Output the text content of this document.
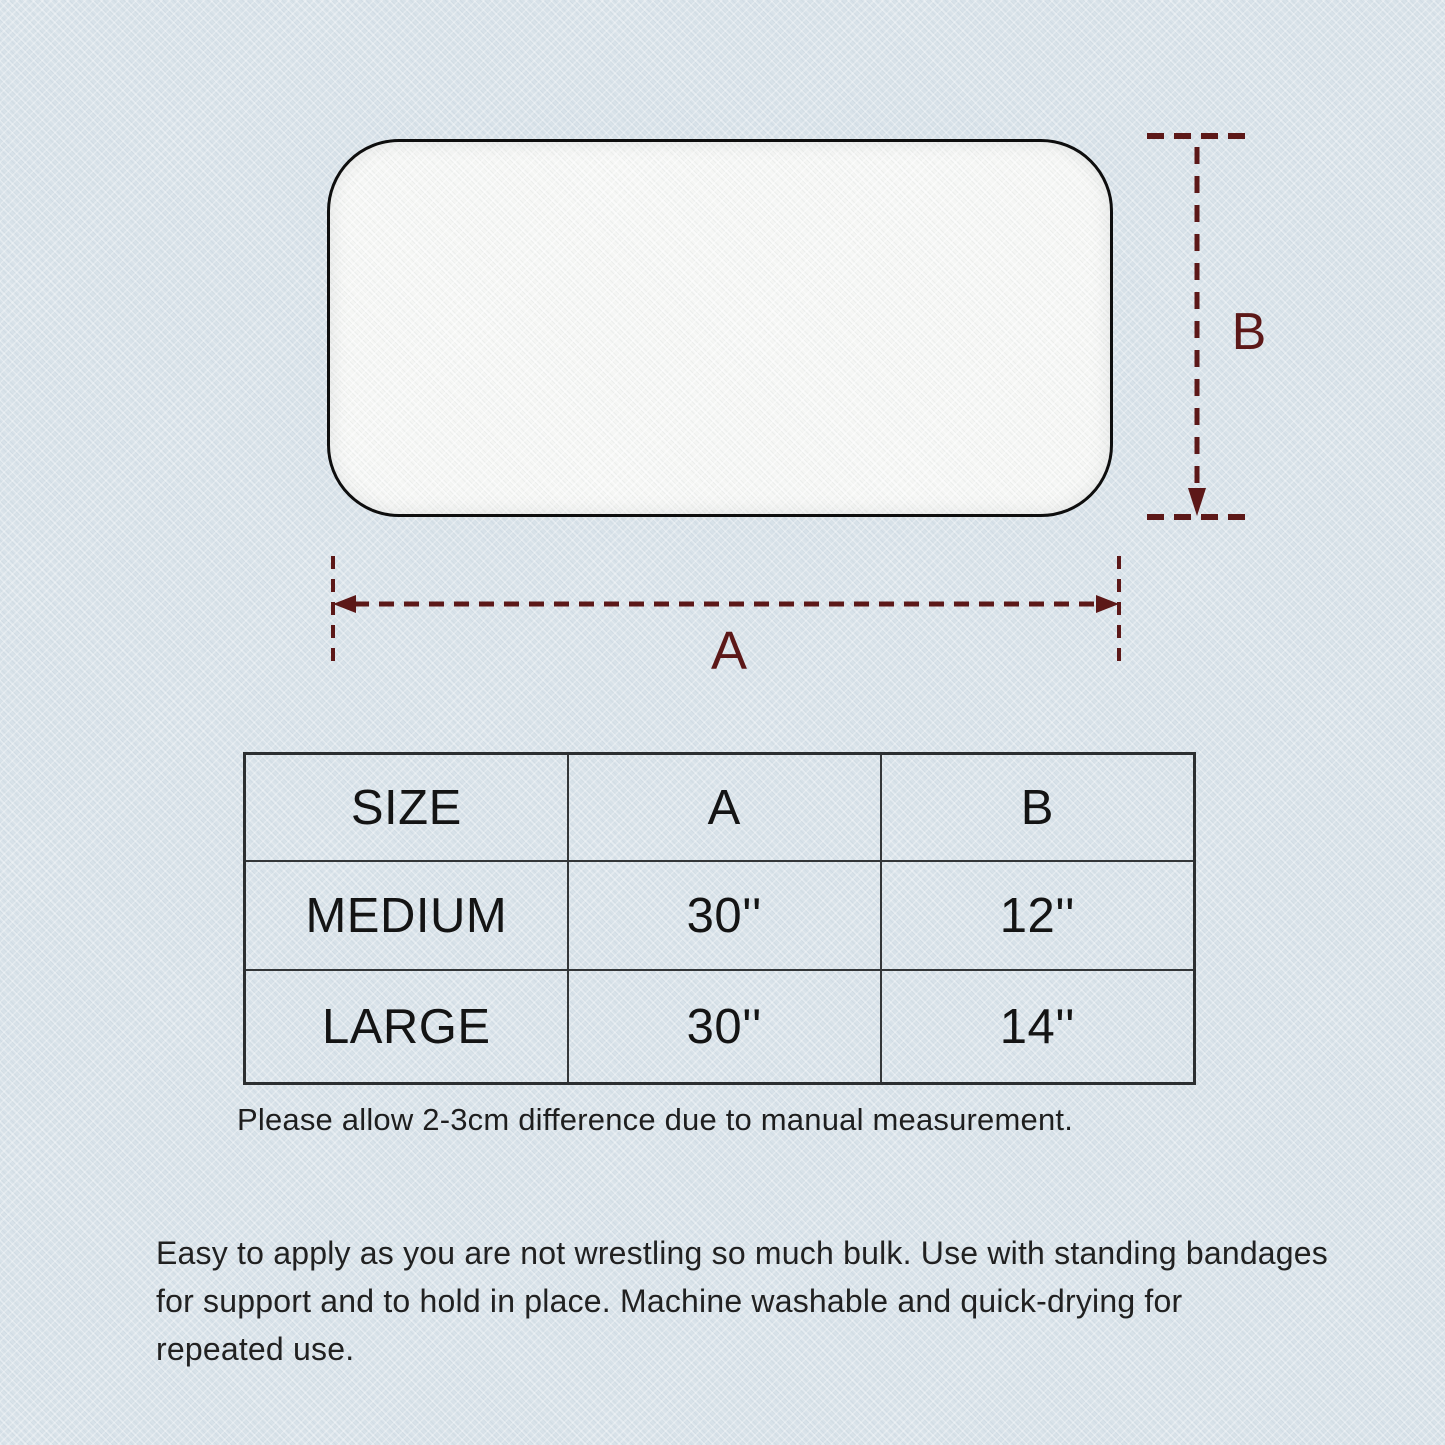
A
B
SIZE	A	B
MEDIUM	30''	12''
LARGE	30''	14''
Please allow 2-3cm difference due to manual measurement.
Easy to apply as you are not wrestling so much bulk. Use with standing bandages
for support and to hold in place. Machine washable and quick-drying for
repeated use.
